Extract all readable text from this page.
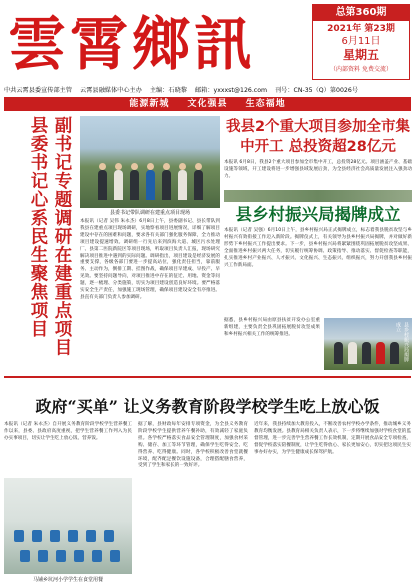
雲霄鄉訊	总第360期
2021年 第23期
6月11日
星期五
（内部资料 免费交流）
中共云霄县委宣传部主管 云霄县融媒体中心主办 主编：石晓黎 邮箱：yxxxst@126.com 刊号：CN-35（Q）第0026号
能源新城 文化强县 生态福地
副书记专题调研在建重点项目 县委书记心系民生聚焦项目	县委书记带队调研在建重点项目现场
本报讯（记者 吴伟 朱永杰）6月8日上午，县委副书记、县长带队到我县在建重点项目现场调研，实地察看项目进展情况，详细了解项目建设中存在的困难和问题，要求各有关部门强化服务保障，全力推动项目建设提速增效。调研组一行先后来到滨海大道、城区污水处理厂、县第二医院新院区等项目现场，听取项目负责人汇报，现场研究解决项目推进中遇到的实际问题。调研指出，项目建设是经济发展的重要支撑，各级各部门要进一步提高站位，强化责任担当，靠前服务、主动作为，倒排工期、挂图作战，确保项目早建成、早投产、早见效。要坚持问题导向，对项目推进中存在的征迁、用地、资金等问题，逐一梳理、分类施策，切实为项目建设创造良好环境。要严格落实安全生产责任，加强施工现场管理，确保项目建设安全有序推进。县直有关部门负责人参加调研。
我县2个重大项目参加全市集中开工 总投资超28亿元
本报讯 6月8日，我县2个重大项目参加全市集中开工，总投资28亿元。项目涵盖产业、基础设施等领域，开工建设将进一步增强县域发展后劲，为全县经济社会高质量发展注入强劲动力。
县乡村振兴局揭牌成立
本报讯（记者 吴强）6月10日上午，县乡村振兴局正式揭牌成立，标志着我县脱贫攻坚与乡村振兴有效衔接工作迈入新阶段。揭牌仪式上，有关领导为县乡村振兴局揭牌，并对做好新形势下乡村振兴工作提出要求。下一步，县乡村振兴局将紧紧围绕巩固拓展脱贫攻坚成果、全面推进乡村振兴两大任务，切实履行统筹协调、政策指导、推动落实、督促检查等职能，扎实推进乡村产业振兴、人才振兴、文化振兴、生态振兴、组织振兴，努力开创我县乡村振兴工作新局面。
据悉，县乡村振兴局由原县扶贫开发办公室重新组建，主要负责全县巩固拓展脱贫攻坚成果和乡村振兴相关工作的统筹推进。	县乡村振兴局揭牌成立
政府“买单” 让义务教育阶段学校学生吃上放心饭
本报讯（记者 朱永杰）自开展义务教育阶段学校学生营养餐工作以来，县委、县政府高度重视，把学生营养餐工作列入为民办实事项目，切实让学生吃上放心饭、营养饭。
马铺乡坑河小学学生在食堂用餐
据了解，县财政每年安排专项资金，为全县义务教育阶段学校学生提供营养午餐补助，有效减轻了家庭负担。各学校严格落实食品安全管理制度，加强食材采购、储存、加工等环节管理，确保学生吃得安全、吃得营养、吃得健康。同时，各学校积极改善食堂就餐环境，配齐配足餐饮设施设备，合理搭配膳食营养，受到了学生和家长的一致好评。
近年来，我县持续加大教育投入，不断改善农村学校办学条件，推动城乡义务教育均衡发展。县教育局相关负责人表示，下一步将继续加强对学校食堂的监督管理，进一步完善学生营养餐工作长效机制，定期开展食品安全专项检查，督促学校落实陪餐制度，让学生吃得放心、家长更加安心，切实把这项民生实事办好办实，为学生健康成长保驾护航。
